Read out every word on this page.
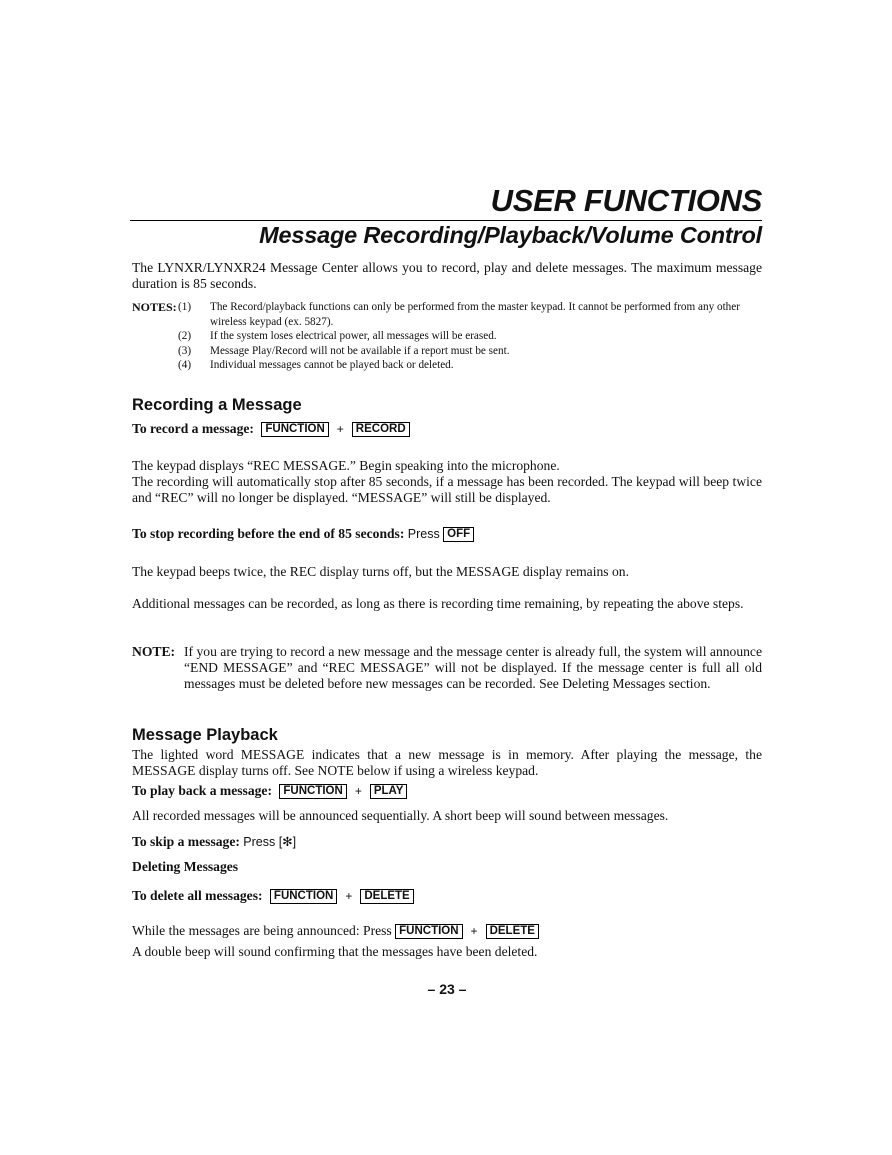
USER FUNCTIONS
Message Recording/Playback/Volume Control

The LYNXR/LYNXR24 Message Center allows you to record, play and delete messages. The maximum message duration is 85 seconds.

NOTES: (1)	The Record/playback functions can only be performed from the master keypad. It cannot be performed from any other wireless keypad (ex. 5827).
(2)	If the system loses electrical power, all messages will be erased.
(3)	Message Play/Record will not be available if a report must be sent.
(4)	Individual messages cannot be played back or deleted.
Recording a Message

To record a message: FUNCTION + RECORD

The keypad displays “REC MESSAGE.” Begin speaking into the microphone.

The recording will automatically stop after 85 seconds, if a message has been recorded. The keypad will beep twice and “REC” will no longer be displayed. “MESSAGE” will still be displayed.

To stop recording before the end of 85 seconds: Press OFF

The keypad beeps twice, the REC display turns off, but the MESSAGE display remains on.

Additional messages can be recorded, as long as there is recording time remaining, by repeating the above steps.

NOTE: If you are trying to record a new message and the message center is already full, the system will announce “END MESSAGE” and “REC MESSAGE” will not be displayed. If the message center is full all old messages must be deleted before new messages can be recorded. See Deleting Messages section.

Message Playback

The lighted word MESSAGE indicates that a new message is in memory. After playing the message, the MESSAGE display turns off. See NOTE below if using a wireless keypad.

To play back a message: FUNCTION + PLAY

All recorded messages will be announced sequentially. A short beep will sound between messages.

To skip a message: Press [✻]

Deleting Messages

To delete all messages: FUNCTION + DELETE

While the messages are being announced: Press FUNCTION + DELETE

A double beep will sound confirming that the messages have been deleted.

– 23 –
